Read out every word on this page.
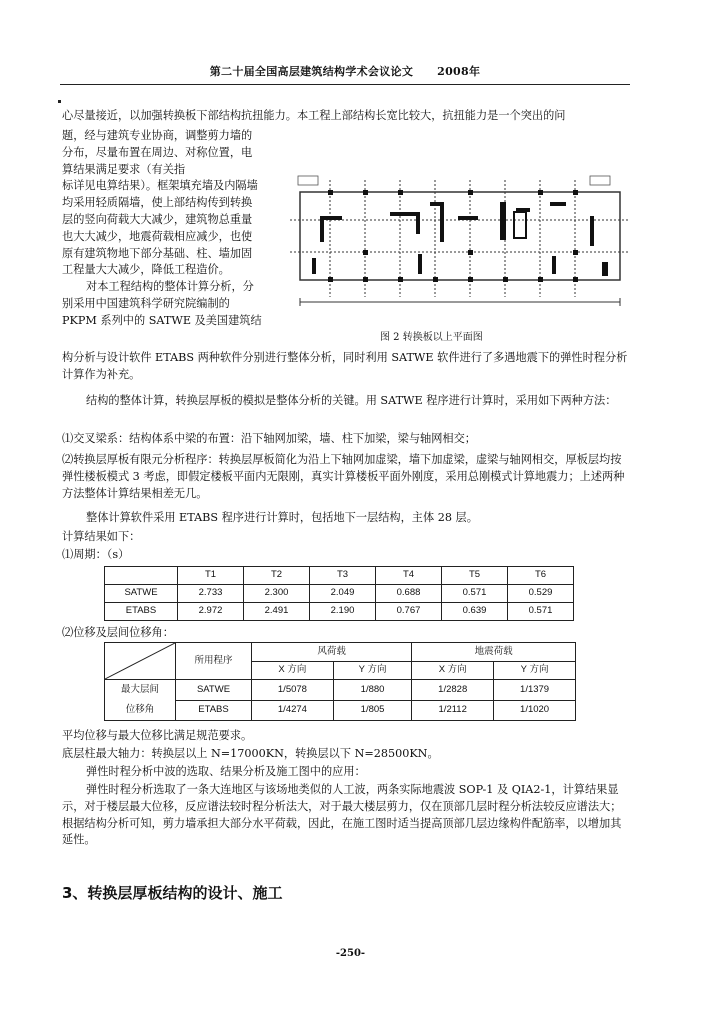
第二十届全国高层建筑结构学术会议论文 2008年

心尽量接近，以加强转换板下部结构抗扭能力。本工程上部结构长宽比较大，抗扭能力是一个突出的问

题，经与建筑专业协商，调整剪力墙的

分布，尽量布置在周边、对称位置，电

算结果满足要求（有关指

标详见电算结果）。框架填充墙及内隔墙

均采用轻质隔墙，使上部结构传到转换

层的竖向荷载大大减少，建筑物总重量

也大大减少，地震荷载相应减少，也使

原有建筑物地下部分基础、柱、墙加固

工程量大大减少，降低工程造价。

对本工程结构的整体计算分析，分

别采用中国建筑科学研究院编制的

PKPM 系列中的 SATWE 及美国建筑结

图 2 转换板以上平面图

构分析与设计软件 ETABS 两种软件分别进行整体分析，同时利用 SATWE 软件进行了多遇地震下的弹性时程分析计算作为补充。

结构的整体计算，转换层厚板的模拟是整体分析的关键。用 SATWE 程序进行计算时，采用如下两种方法：

⑴交叉梁系：结构体系中梁的布置：沿下轴网加梁，墙、柱下加梁，梁与轴网相交；

⑵转换层厚板有限元分析程序：转换层厚板简化为沿上下轴网加虚梁，墙下加虚梁，虚梁与轴网相交，厚板层均按弹性楼板模式 3 考虑，即假定楼板平面内无限刚，真实计算楼板平面外刚度，采用总刚模式计算地震力；上述两种方法整体计算结果相差无几。

整体计算软件采用 ETABS 程序进行计算时，包括地下一层结构，主体 28 层。

计算结果如下：

⑴周期：（s）

	T1	T2	T3	T4	T5	T6
SATWE	2.733	2.300	2.049	0.688	0.571	0.529
ETABS	2.972	2.491	2.190	0.767	0.639	0.571

⑵位移及层间位移角：

	所用程序	风荷载		地震荷载	
		X 方向	Y 方向	X 方向	Y 方向

最大层间
位移角	SATWE	1/5078	1/880	1/2828	1/1379
	ETABS	1/4274	1/805	1/2112	1/1020

平均位移与最大位移比满足规范要求。

底层柱最大轴力：转换层以上 N=17000KN，转换层以下 N=28500KN。

弹性时程分析中波的选取、结果分析及施工图中的应用：

弹性时程分析选取了一条大连地区与该场地类似的人工波，两条实际地震波 SOP-1 及 QIA2-1，计算结果显示，对于楼层最大位移，反应谱法较时程分析法大，对于最大楼层剪力，仅在顶部几层时程分析法较反应谱法大；根据结构分析可知，剪力墙承担大部分水平荷载，因此，在施工图时适当提高顶部几层边缘构件配筋率，以增加其延性。

3、转换层厚板结构的设计、施工
-250-
